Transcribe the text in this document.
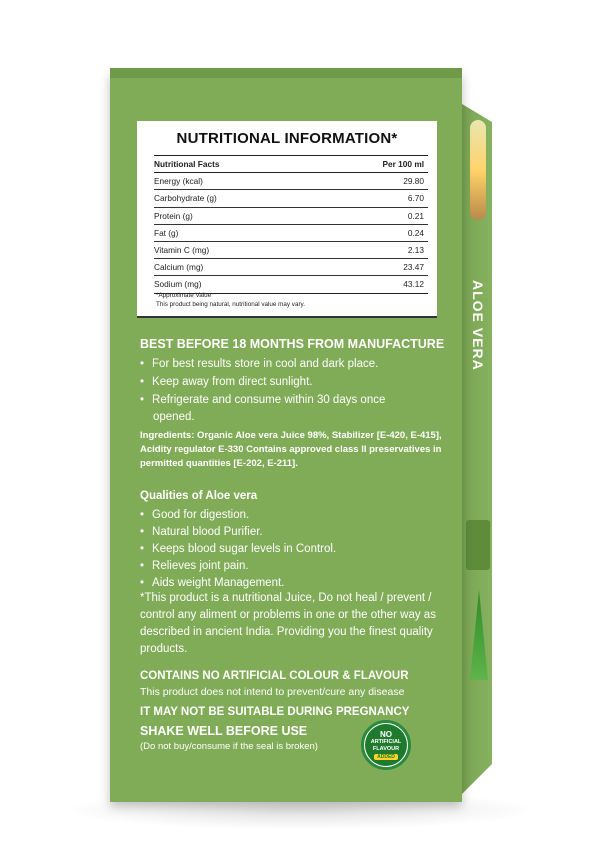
ALOE VERA
NUTRITIONAL INFORMATION*
Nutritional Facts	Per 100 ml
Energy (kcal)	29.80
Carbohydrate (g)	6.70
Protein (g)	0.21
Fat (g)	0.24
Vitamin C (mg)	2.13
Calcium (mg)	23.47
Sodium (mg)	43.12
*Approximate Value
This product being natural, nutritional value may vary.
BEST BEFORE 18 MONTHS FROM MANUFACTURE
• For best results store in cool and dark place.
• Keep away from direct sunlight.
• Refrigerate and consume within 30 days once
opened.
Ingredients: Organic Aloe vera Juice 98%, Stabilizer [E-420, E-415], Acidity regulator E-330 Contains approved class II preservatives in permitted quantities [E-202, E-211].
Qualities of Aloe vera
• Good for digestion.
• Natural blood Purifier.
• Keeps blood sugar levels in Control.
• Relieves joint pain.
• Aids weight Management.
*This product is a nutritional Juice, Do not heal / prevent / control any aliment or problems in one or the other way as described in ancient India. Providing you the finest quality products.
CONTAINS NO ARTIFICIAL COLOUR & FLAVOUR
This product does not intend to prevent/cure any disease
IT MAY NOT BE SUITABLE DURING PREGNANCY
SHAKE WELL BEFORE USE
(Do not buy/consume if the seal is broken)
NO
ARTIFICIAL
FLAVOUR
ADDED
